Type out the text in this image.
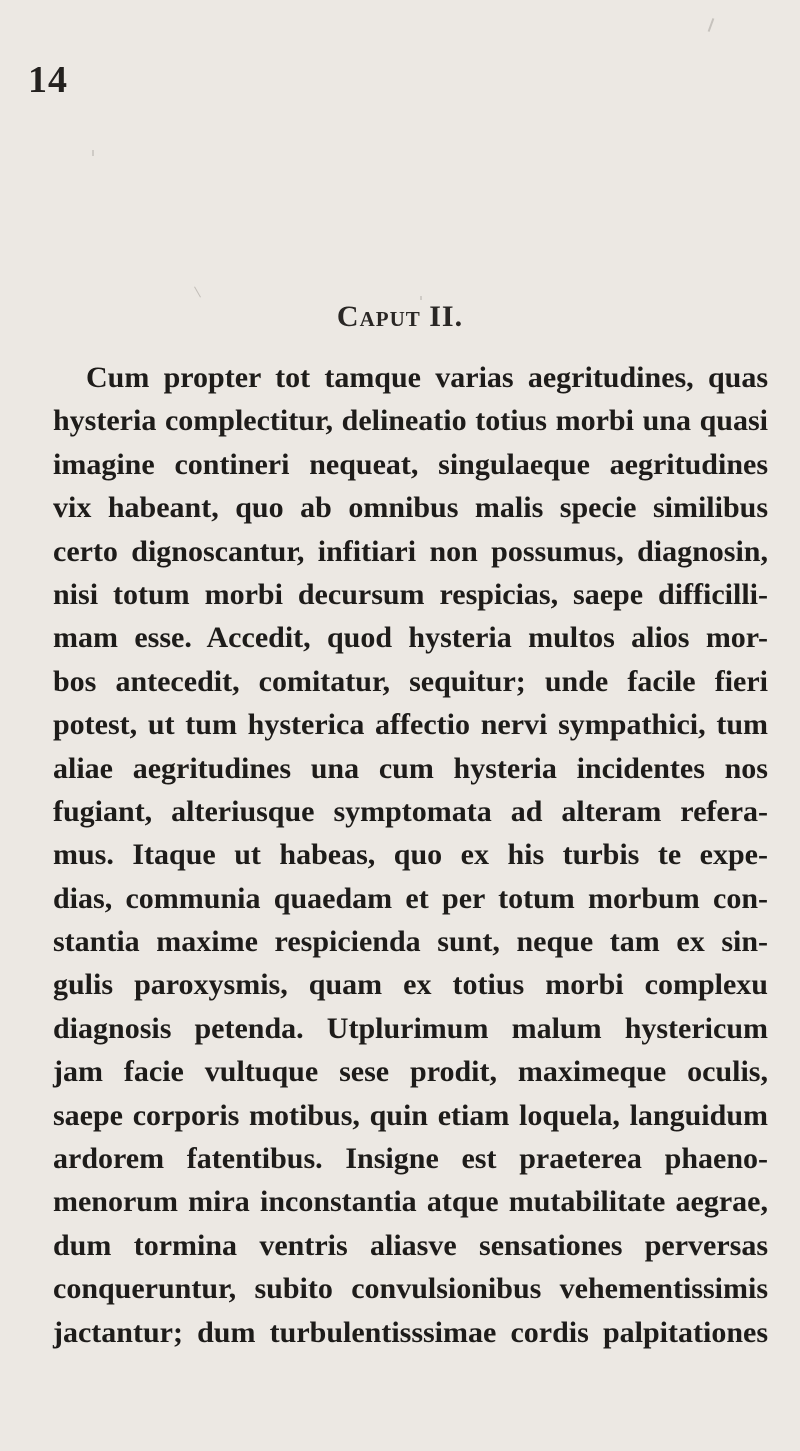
14
Caput II.
Cum propter tot tamque varias aegritudines, quas
hysteria complectitur, delineatio totius morbi una quasi
imagine contineri nequeat, singulaeque aegritudines
vix habeant, quo ab omnibus malis specie similibus
certo dignoscantur, infitiari non possumus, diagnosin,
nisi totum morbi decursum respicias, saepe difficilli-
mam esse. Accedit, quod hysteria multos alios mor-
bos antecedit, comitatur, sequitur; unde facile fieri
potest, ut tum hysterica affectio nervi sympathici, tum
aliae aegritudines una cum hysteria incidentes nos
fugiant, alteriusque symptomata ad alteram refera-
mus. Itaque ut habeas, quo ex his turbis te expe-
dias, communia quaedam et per totum morbum con-
stantia maxime respicienda sunt, neque tam ex sin-
gulis paroxysmis, quam ex totius morbi complexu
diagnosis petenda. Utplurimum malum hystericum
jam facie vultuque sese prodit, maximeque oculis,
saepe corporis motibus, quin etiam loquela, languidum
ardorem fatentibus. Insigne est praeterea phaeno-
menorum mira inconstantia atque mutabilitate aegrae,
dum tormina ventris aliasve sensationes perversas
conqueruntur, subito convulsionibus vehementissimis
jactantur; dum turbulentisssimae cordis palpitationes
